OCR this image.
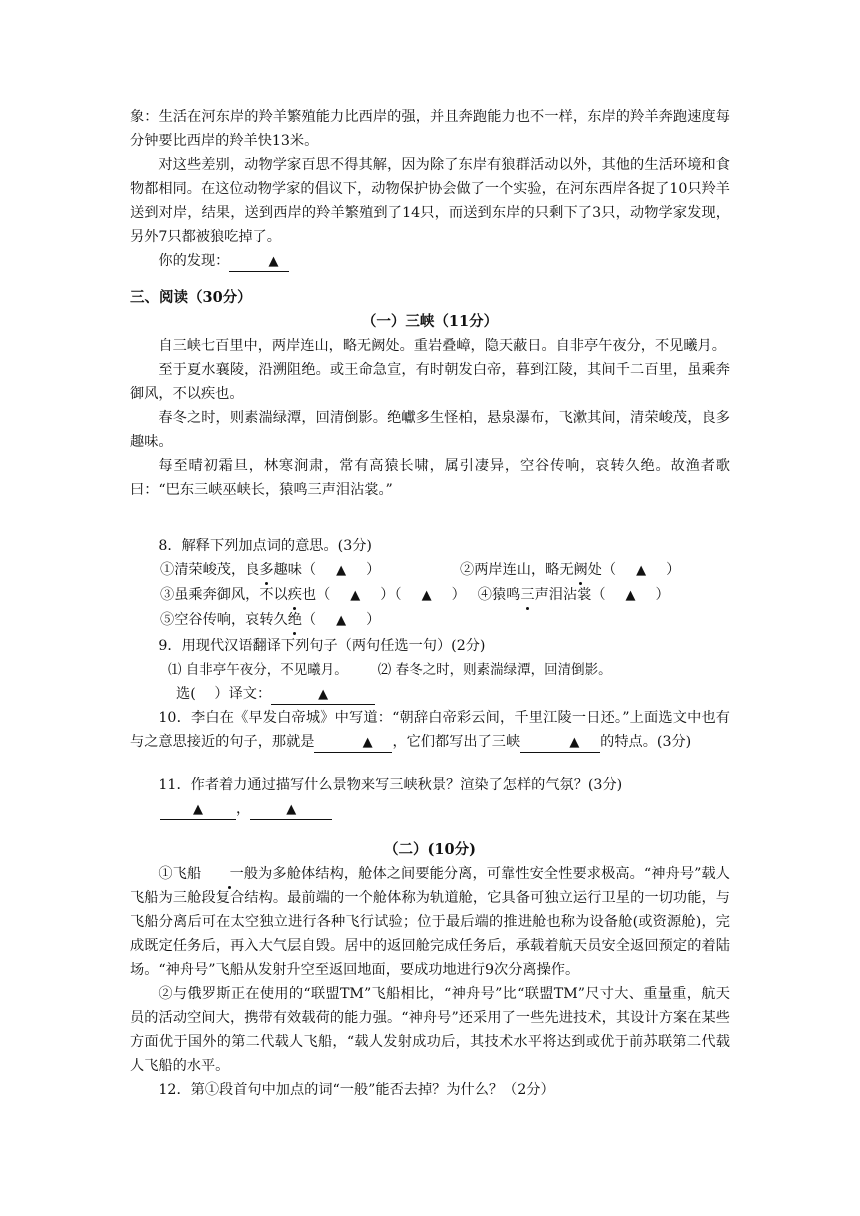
象：生活在河东岸的羚羊繁殖能力比西岸的强，并且奔跑能力也不一样，东岸的羚羊奔跑速度每分钟要比西岸的羚羊快13米。

对这些差别，动物学家百思不得其解，因为除了东岸有狼群活动以外，其他的生活环境和食物都相同。在这位动物学家的倡议下，动物保护协会做了一个实验，在河东西岸各捉了10只羚羊送到对岸，结果，送到西岸的羚羊繁殖到了14只，而送到东岸的只剩下了3只，动物学家发现，另外7只都被狼吃掉了。

你的发现：	▲

三、阅读（30分）

（一）三峡（11分）

自三峡七百里中，两岸连山，略无阙处。重岩叠嶂，隐天蔽日。自非亭午夜分，不见曦月。

至于夏水襄陵，沿溯阻绝。或王命急宣，有时朝发白帝，暮到江陵，其间千二百里，虽乘奔御风，不以疾也。

春冬之时，则素湍绿潭，回清倒影。绝巘多生怪柏，悬泉瀑布，飞漱其间，清荣峻茂，良多趣味。

每至晴初霜旦，林寒涧肃，常有高猿长啸，属引凄异，空谷传响，哀转久绝。故渔者歌曰：“巴东三峡巫峡长，猿鸣三声泪沾裳。”

8．解释下列加点词的意思。(3分)

①清荣峻茂，良多趣味（ ▲ ）	②两岸连山，略无阙处（ ▲ ）

③虽乘奔御风，不以疾也（ ▲ ）（ ▲ ） ④猿鸣三声泪沾裳（ ▲ ）

⑤空谷传响，哀转久绝（ ▲ ）

9．用现代汉语翻译下列句子（两句任选一句）(2分)

⑴ 自非亭午夜分，不见曦月。 ⑵ 春冬之时，则素湍绿潭，回清倒影。

选(　 ）译文：	▲

10．李白在《早发白帝城》中写道：“朝辞白帝彩云间，千里江陵一日还。”上面选文中也有与之意思接近的句子，那就是	▲ ，它们都写出了三峡	▲ 的特点。(3分)

11．作者着力通过描写什么景物来写三峡秋景？渲染了怎样的气氛？(3分)

▲ ，	▲

（二）(10分)

①飞船 一般为多舱体结构，舱体之间要能分离，可靠性安全性要求极高。“神舟号”载人飞船为三舱段复合结构。最前端的一个舱体称为轨道舱，它具备可独立运行卫星的一切功能，与飞船分离后可在太空独立进行各种飞行试验；位于最后端的推进舱也称为设备舱(或资源舱)，完成既定任务后，再入大气层自毁。居中的返回舱完成任务后，承载着航天员安全返回预定的着陆场。“神舟号”飞船从发射升空至返回地面，要成功地进行9次分离操作。

②与俄罗斯正在使用的“联盟TM”飞船相比，“神舟号”比“联盟TM”尺寸大、重量重，航天员的活动空间大，携带有效载荷的能力强。“神舟号”还采用了一些先进技术，其设计方案在某些方面优于国外的第二代载人飞船，“载人发射成功后，其技术水平将达到或优于前苏联第二代载人飞船的水平。

12．第①段首句中加点的词“一般”能否去掉？为什么？（2分）
